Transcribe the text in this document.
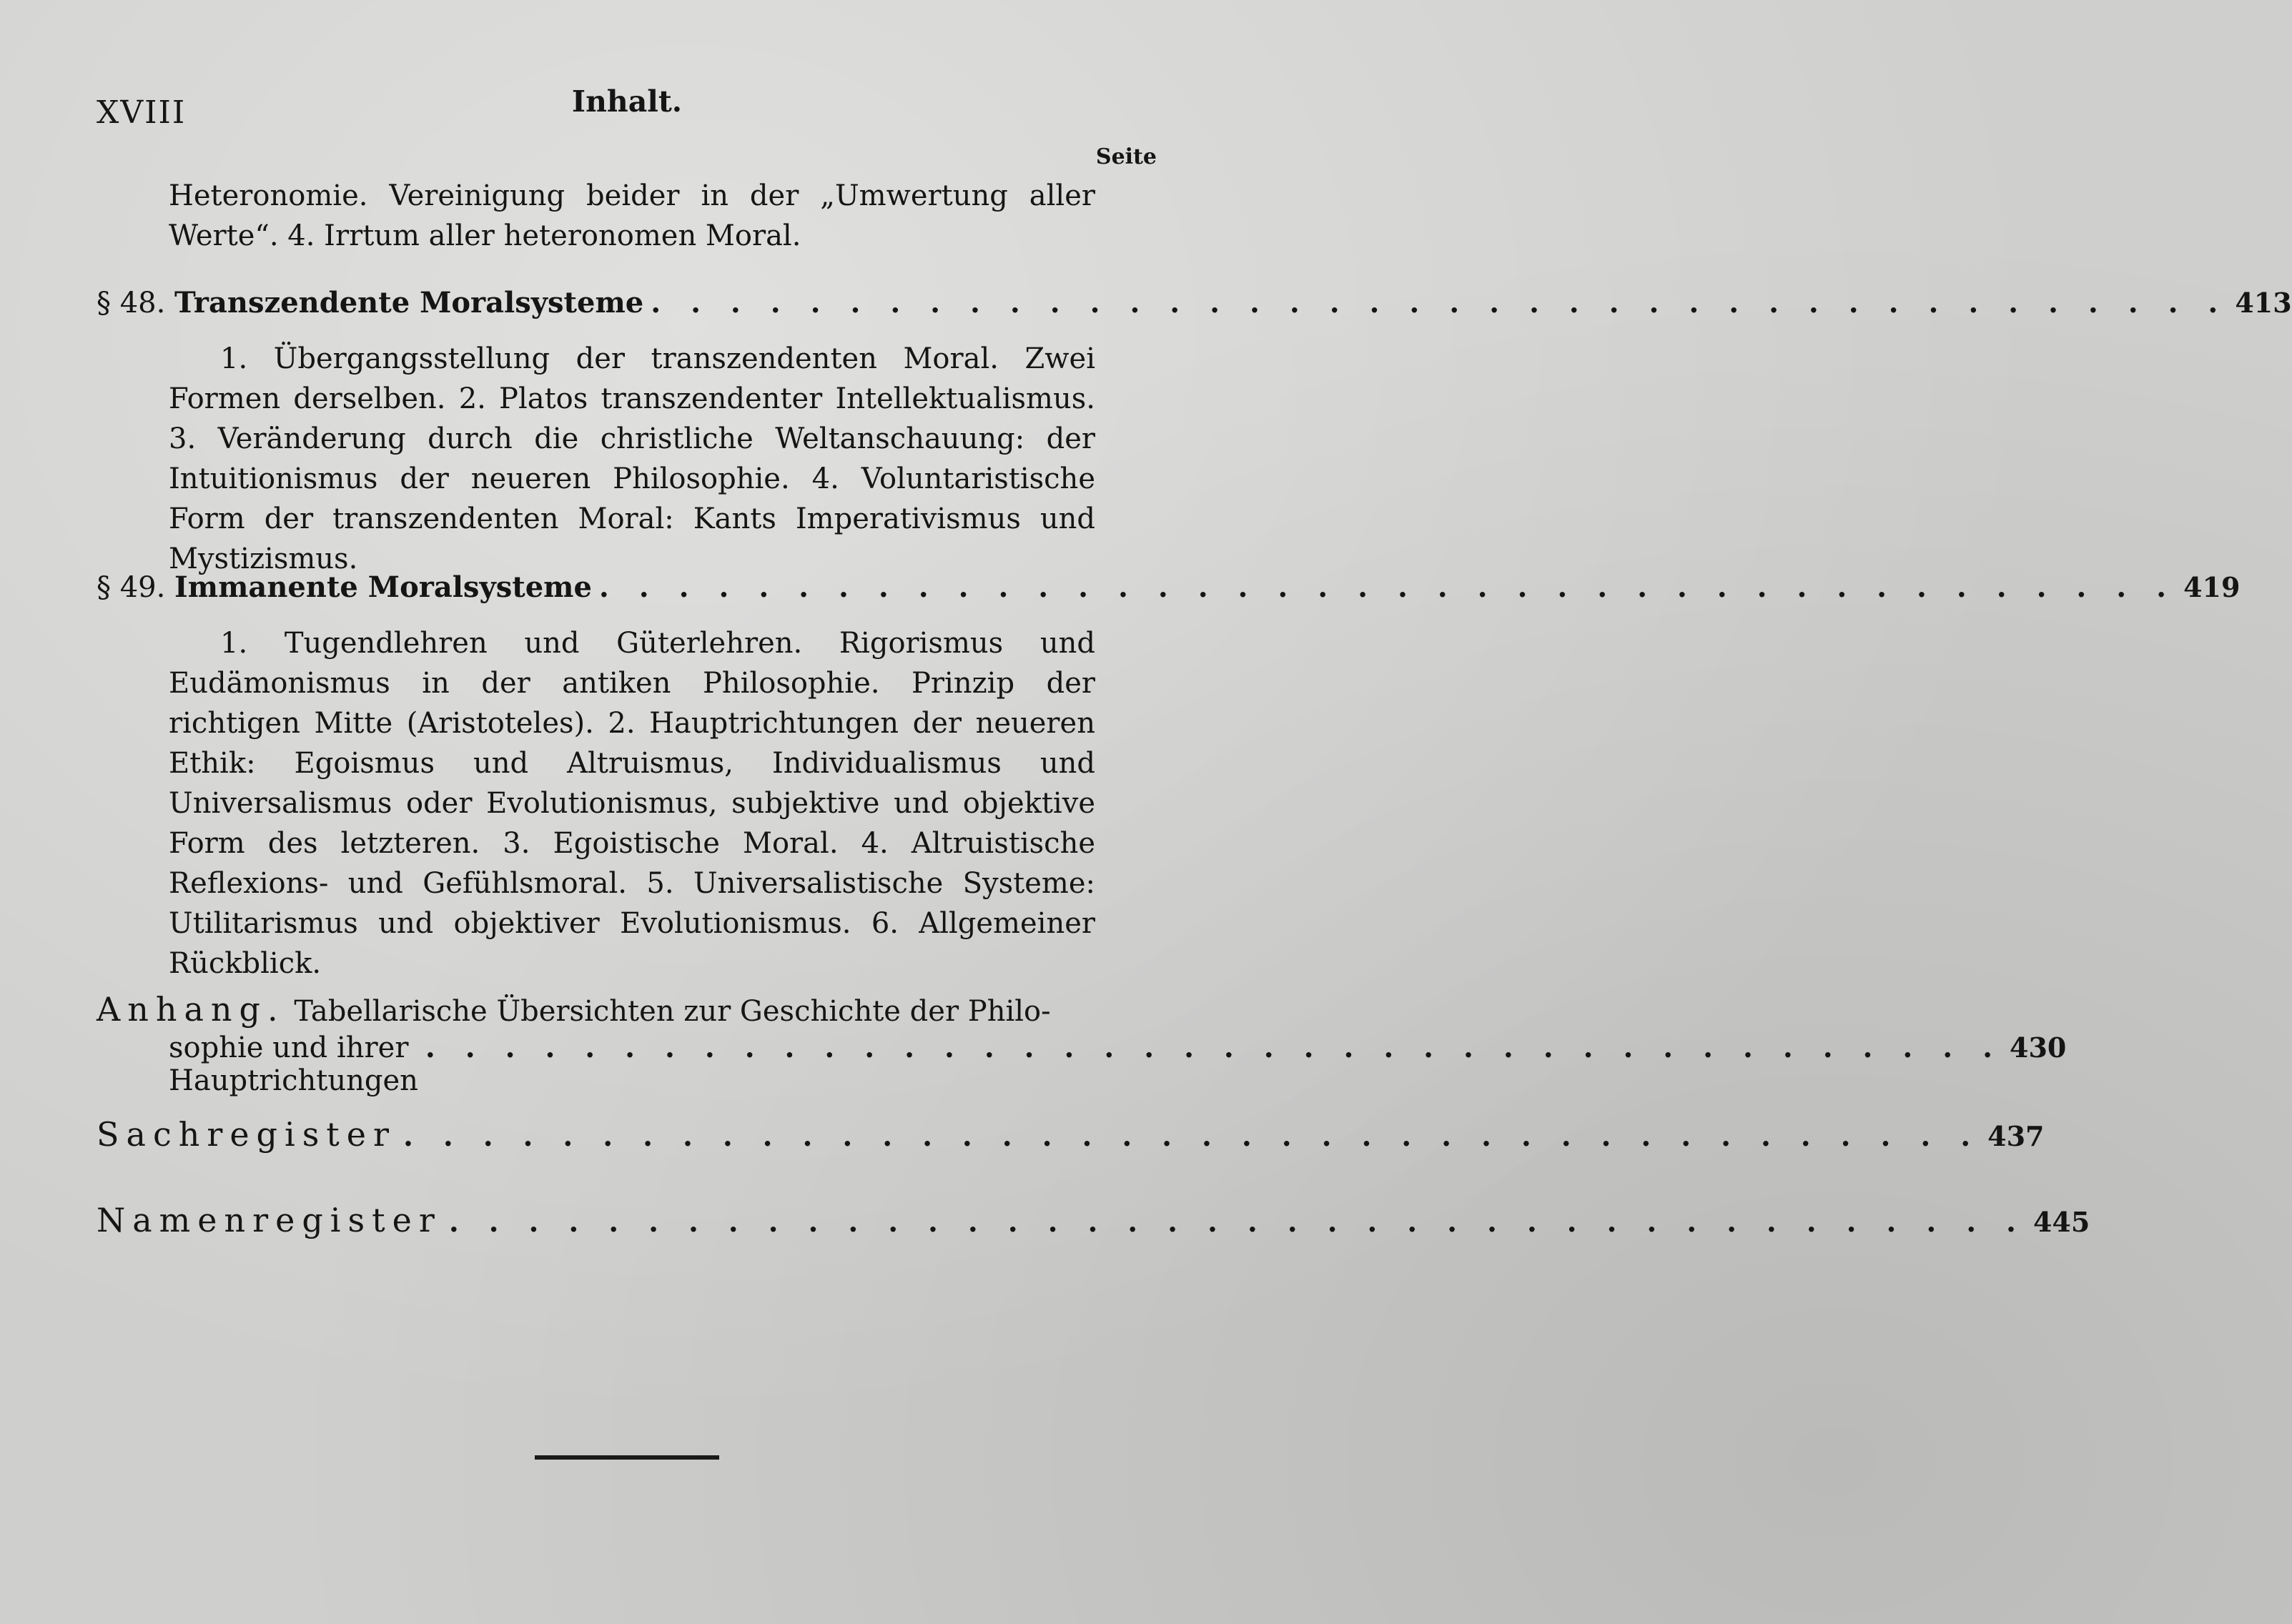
XVIII	Inhalt.
Seite
Heteronomie. Vereinigung beider in der „Umwertung aller Werte“. 4. Irrtum aller heteronomen Moral.
§ 48. Transzendente Moralsysteme . . . . . . . . . . . . . . . . . . . . . . . . . . . . . . . . . . . . . . . . 413
1. Übergangsstellung der transzendenten Moral. Zwei Formen derselben. 2. Platos transzendenter Intellektualismus. 3. Veränderung durch die christliche Weltanschauung: der Intuitionismus der neueren Philosophie. 4. Voluntaristische Form der transzendenten Moral: Kants Imperativismus und Mystizismus.
§ 49. Immanente Moralsysteme . . . . . . . . . . . . . . . . . . . . . . . . . . . . . . . . . . . . . . . . 419
1. Tugendlehren und Güterlehren. Rigorismus und Eudämonismus in der antiken Philosophie. Prinzip der richtigen Mitte (Aristoteles). 2. Hauptrichtungen der neueren Ethik: Egoismus und Altruismus, Individualismus und Universalismus oder Evolutionismus, subjektive und objektive Form des letzteren. 3. Egoistische Moral. 4. Altruistische Reflexions- und Gefühlsmoral. 5. Universalistische Systeme: Utilitarismus und objektiver Evolutionismus. 6. Allgemeiner Rückblick.
Anhang. Tabellarische Übersichten zur Geschichte der Philo-
sophie und ihrer Hauptrichtungen
. . . . . . . . . . . . . . . . . . . . . . . . . . . . . . . . . . . . . . . . 430
Sachregister . . . . . . . . . . . . . . . . . . . . . . . . . . . . . . . . . . . . . . . . 437
Namenregister . . . . . . . . . . . . . . . . . . . . . . . . . . . . . . . . . . . . . . . . 445
